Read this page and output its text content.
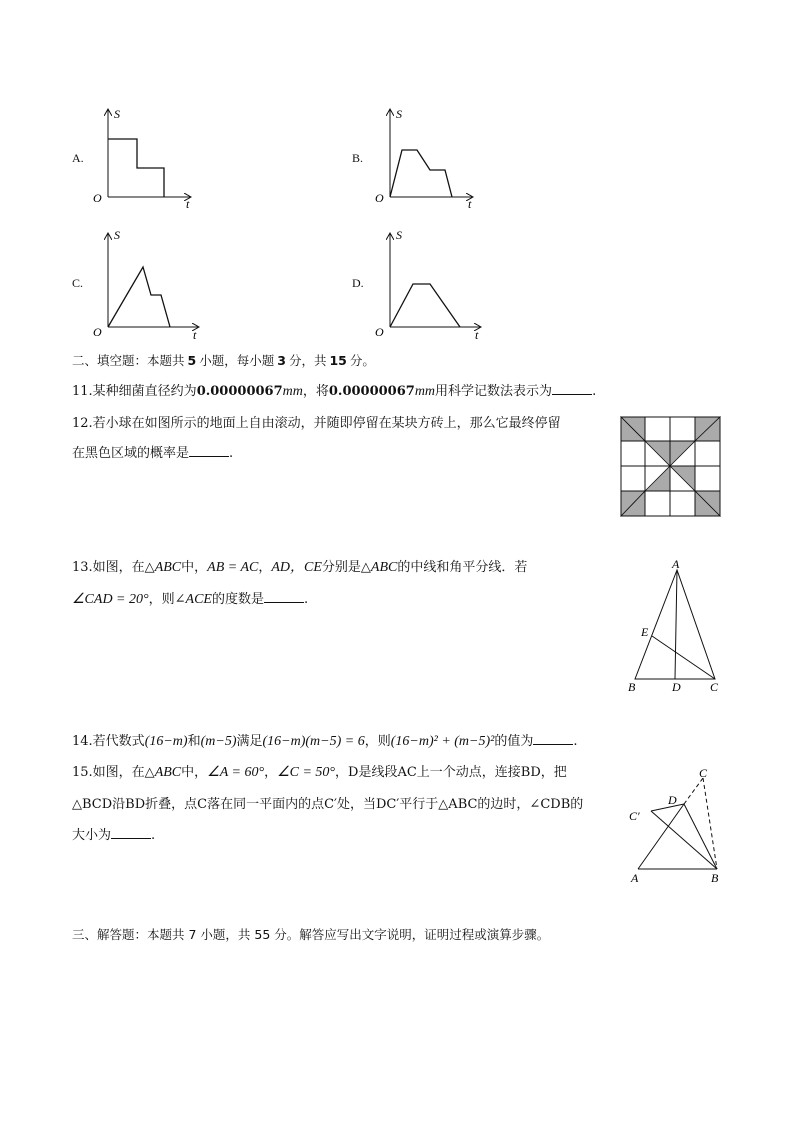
A.
S
O	t
B.
S
O	t
C.
S
O	t
D.
S
O	t
二、填空题：本题共 5 小题，每小题 3 分，共 15 分。
11.某种细菌直径约为0.00000067mm，将0.00000067mm用科学记数法表示为	.
12.若小球在如图所示的地面上自由滚动，并随即停留在某块方砖上，那么它最终停留
在黑色区域的概率是	.
13.如图，在△ABC中，AB = AC，AD，CE分别是△ABC的中线和角平分线．若
∠CAD = 20°，则∠ACE的度数是	.
A
E
B	D C
14.若代数式(16−m)和(m−5)满足(16−m)(m−5) = 6，则(16−m)² + (m−5)²的值为	.
15.如图，在△ABC中，∠A = 60°，∠C = 50°，D是线段AC上一个动点，连接BD，把
△BCD沿BD折叠，点C落在同一平面内的点C′处，当DC′平行于△ABC的边时，∠CDB的
大小为	.
C
D
C′
A	B
三、解答题：本题共 7 小题，共 55 分。解答应写出文字说明，证明过程或演算步骤。
